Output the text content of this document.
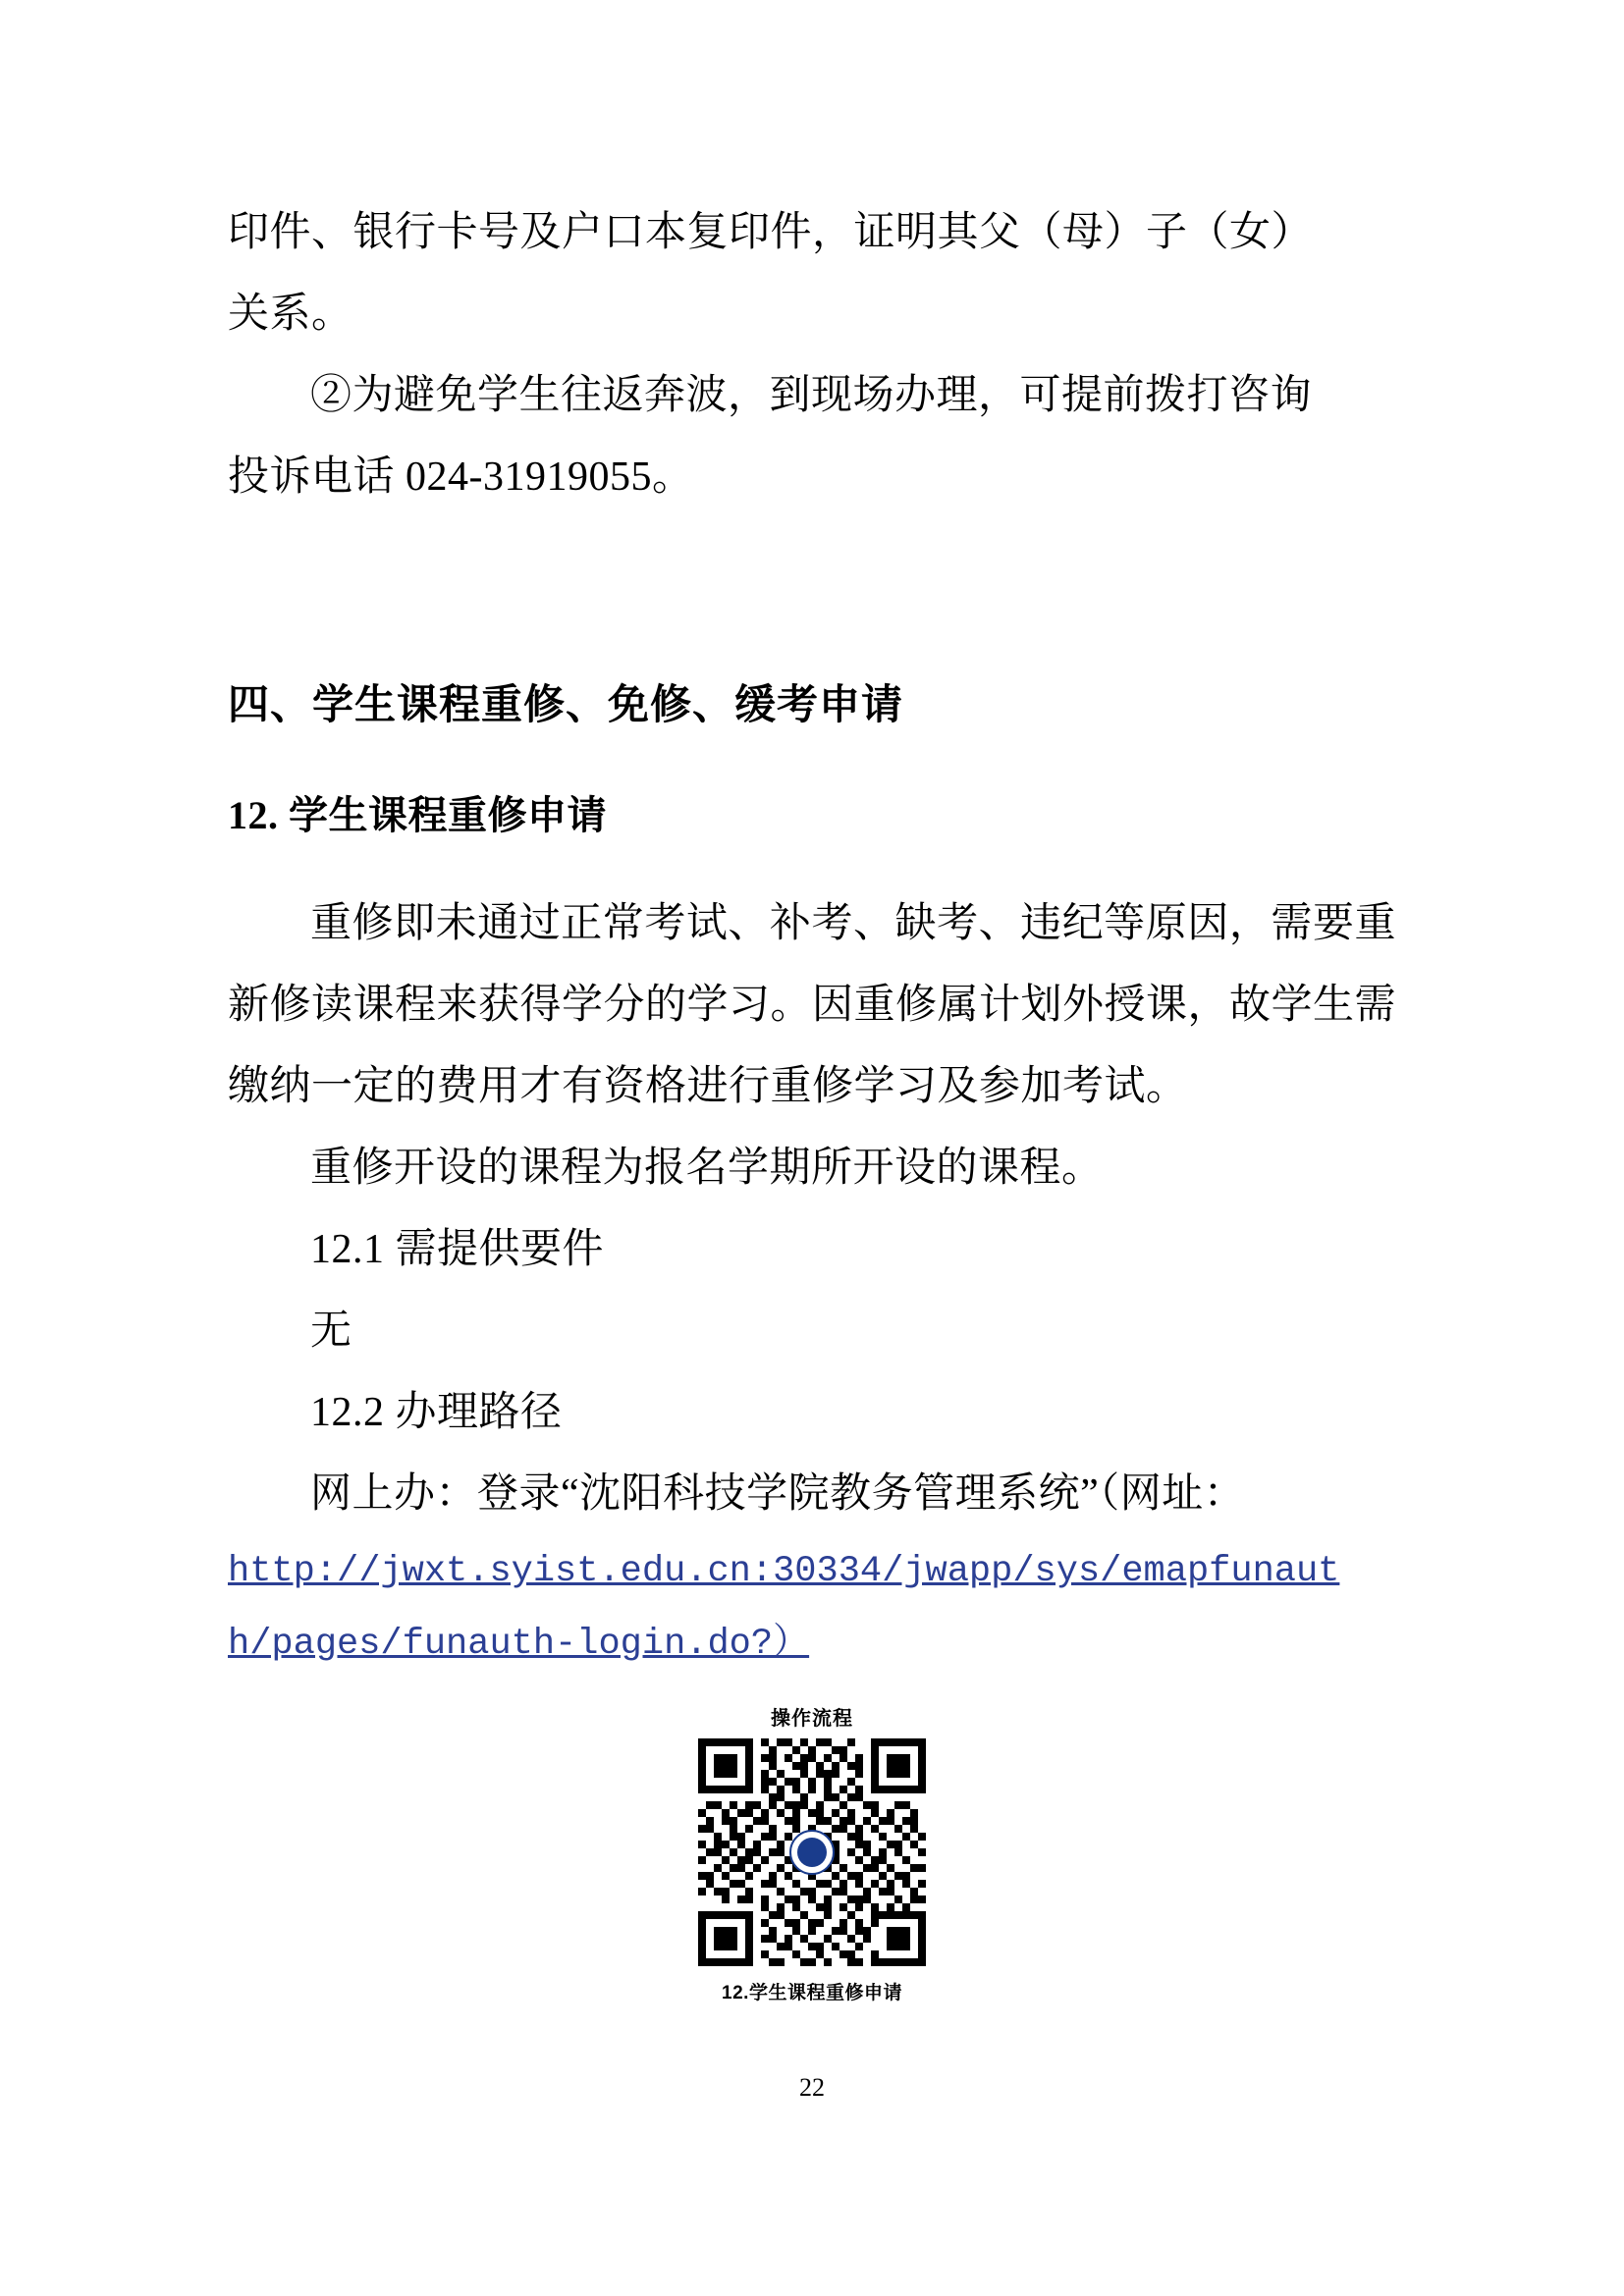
印件、银行卡号及户口本复印件，证明其父（母）子（女）

关系。

②为避免学生往返奔波，到现场办理，可提前拨打咨询

投诉电话 024-31919055。

四、学生课程重修、免修、缓考申请

12. 学生课程重修申请

重修即未通过正常考试、补考、缺考、违纪等原因，需要重新修读课程来获得学分的学习。因重修属计划外授课，故学生需缴纳一定的费用才有资格进行重修学习及参加考试。

重修开设的课程为报名学期所开设的课程。

12.1 需提供要件

无

12.2 办理路径

网上办：登录“沈阳科技学院教务管理系统”（网址：

http://jwxt.syist.edu.cn:30334/jwapp/sys/emapfunaut

h/pages/funauth-login.do?）

操作流程
12.学生课程重修申请
22
